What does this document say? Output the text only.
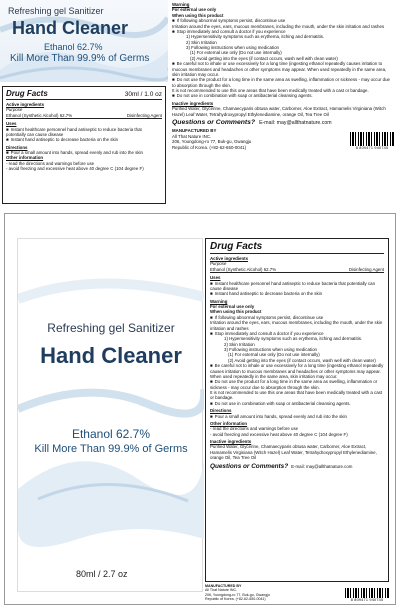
Refreshing gel Sanitizer
Hand Cleaner
Ethanol 62.7%
Kill More Than 99.9% of Germs
Drug Facts	30ml / 1.0 oz
Active ingredients
Purpose
Ethanol (Synthetic Alcohol) 62.7%	Disinfecting Agent
Uses
■ Instant healthcare personnel hand antiseptic to reduce bacteria that potentially can cause disease
■ Instant hand antiseptic to decrease bacteria on the skin
Directions
■ Pour a small amount into hands, spread evenly and rub into the skin
Other information
- read the directions and warnings before use
- avoid freezing and excessive heat above 40 degree C (104 degree F)
Warning
For external use only
When using this product
■ If following abnormal symptoms persist, discontinue use
Irritation around the eyes, ears, mucous membranes, including the mouth, under the skin irritation and rashes
■ Stop immediately and consult a doctor if you experience
1) Hypersensitivity symptoms such as erythema, itching and dermatitis.
2) Skin Irritation
3) Following instructions when using medication
(1) For external use only (Do not use internally)
(2) Avoid getting into the eyes (if contact occurs, wash well with clean water)
■ Be careful not to inhale or use excessively for a long time (ingesting ethanol repeatedly causes irritation to mucous membranes and headaches or other symptoms may appear. When used repeatedly in the same area, skin irritation may occur.
■ Do not use the product for a long time in the same area as swelling, inflammation or sickness - may occur due to absorption through the skin.
It is not recommended to use this one areas that have been medically treated with a cast or bandage.
■ Do not use in combination with soap or antibacterial cleansing agents.
Inactive ingredients
Purified Water, Glycerine, Chamaecyparis obtusa water, Carbomer, Aloe Extract, Hamamelis Virginiana (Witch Hazel) Leaf Water, Tetrahydroxypropyl Ethylenediamine, orange Oil, Tea Tree Oil
Questions or Comments? E-mail: may@allthatnature.com
MANUFACTURED BY
All That Nature INC.
206, Youngdong-ro 77, Buk-gu, Gwangju
Republic of Korea. (+82-62-650-0041)	8 809471 940745
Refreshing gel Sanitizer
Hand Cleaner
Ethanol 62.7%
Kill More Than 99.9% of Germs
80ml / 2.7 oz
Drug Facts
Active ingredients
Purpose
Ethanol (Synthetic Alcohol) 62.7%	Disinfecting Agent
Uses
■ Instant healthcare personnel hand antiseptic to reduce bacteria that potentially can cause disease
■ Instant hand antiseptic to decrease bacteria on the skin
Warning
For external use only
When using this product
■ If following abnormal symptoms persist, discontinue use
Irritation around the eyes, ears, mucous membranes, including the mouth, under the skin irritation and rashes
■ Stop immediately and consult a doctor if you experience
1) Hypersensitivity symptoms such as erythema, itching and dermatitis.
2) Skin Irritation
3) Following instructions when using medication
(1) For external use only (Do not use internally)
(2) Avoid getting into the eyes (if contact occurs, wash well with clean water)
■ Be careful not to inhale or use excessively for a long time (ingesting ethanol repeatedly causes irritation to mucous membranes and headaches or other symptoms may appear. When used repeatedly in the same area, skin irritation may occur.
■ Do not use the product for a long time in the same area as swelling, inflammation or sickness - may occur due to absorption through the skin.
It is not recommended to use this one areas that have been medically treated with a cast or bandage.
■ Do not use in combination with soap or antibacterial cleansing agents.
Directions
■ Pour a small amount into hands, spread evenly and rub into the skin
Other information
- read the directions and warnings before use
- avoid freezing and excessive heat above 40 degree C (104 degree F)
Inactive ingredients
Purified Water, Glycerine, Chamaecyparis obtusa water, Carbomer, Aloe Extract, Hamamelis Virginiana (Witch Hazel) Leaf Water, Tetrahydroxypropyl Ethylenediamine, orange Oil, Tea Tree Oil
Questions or Comments? E-mail: may@allthatnature.com
MANUFACTURED BY
All That Nature INC.
206, Youngdong-ro 77, Buk-gu, Gwangju
Republic of Korea. (+82-62-650-0041)	8 809471 940745
